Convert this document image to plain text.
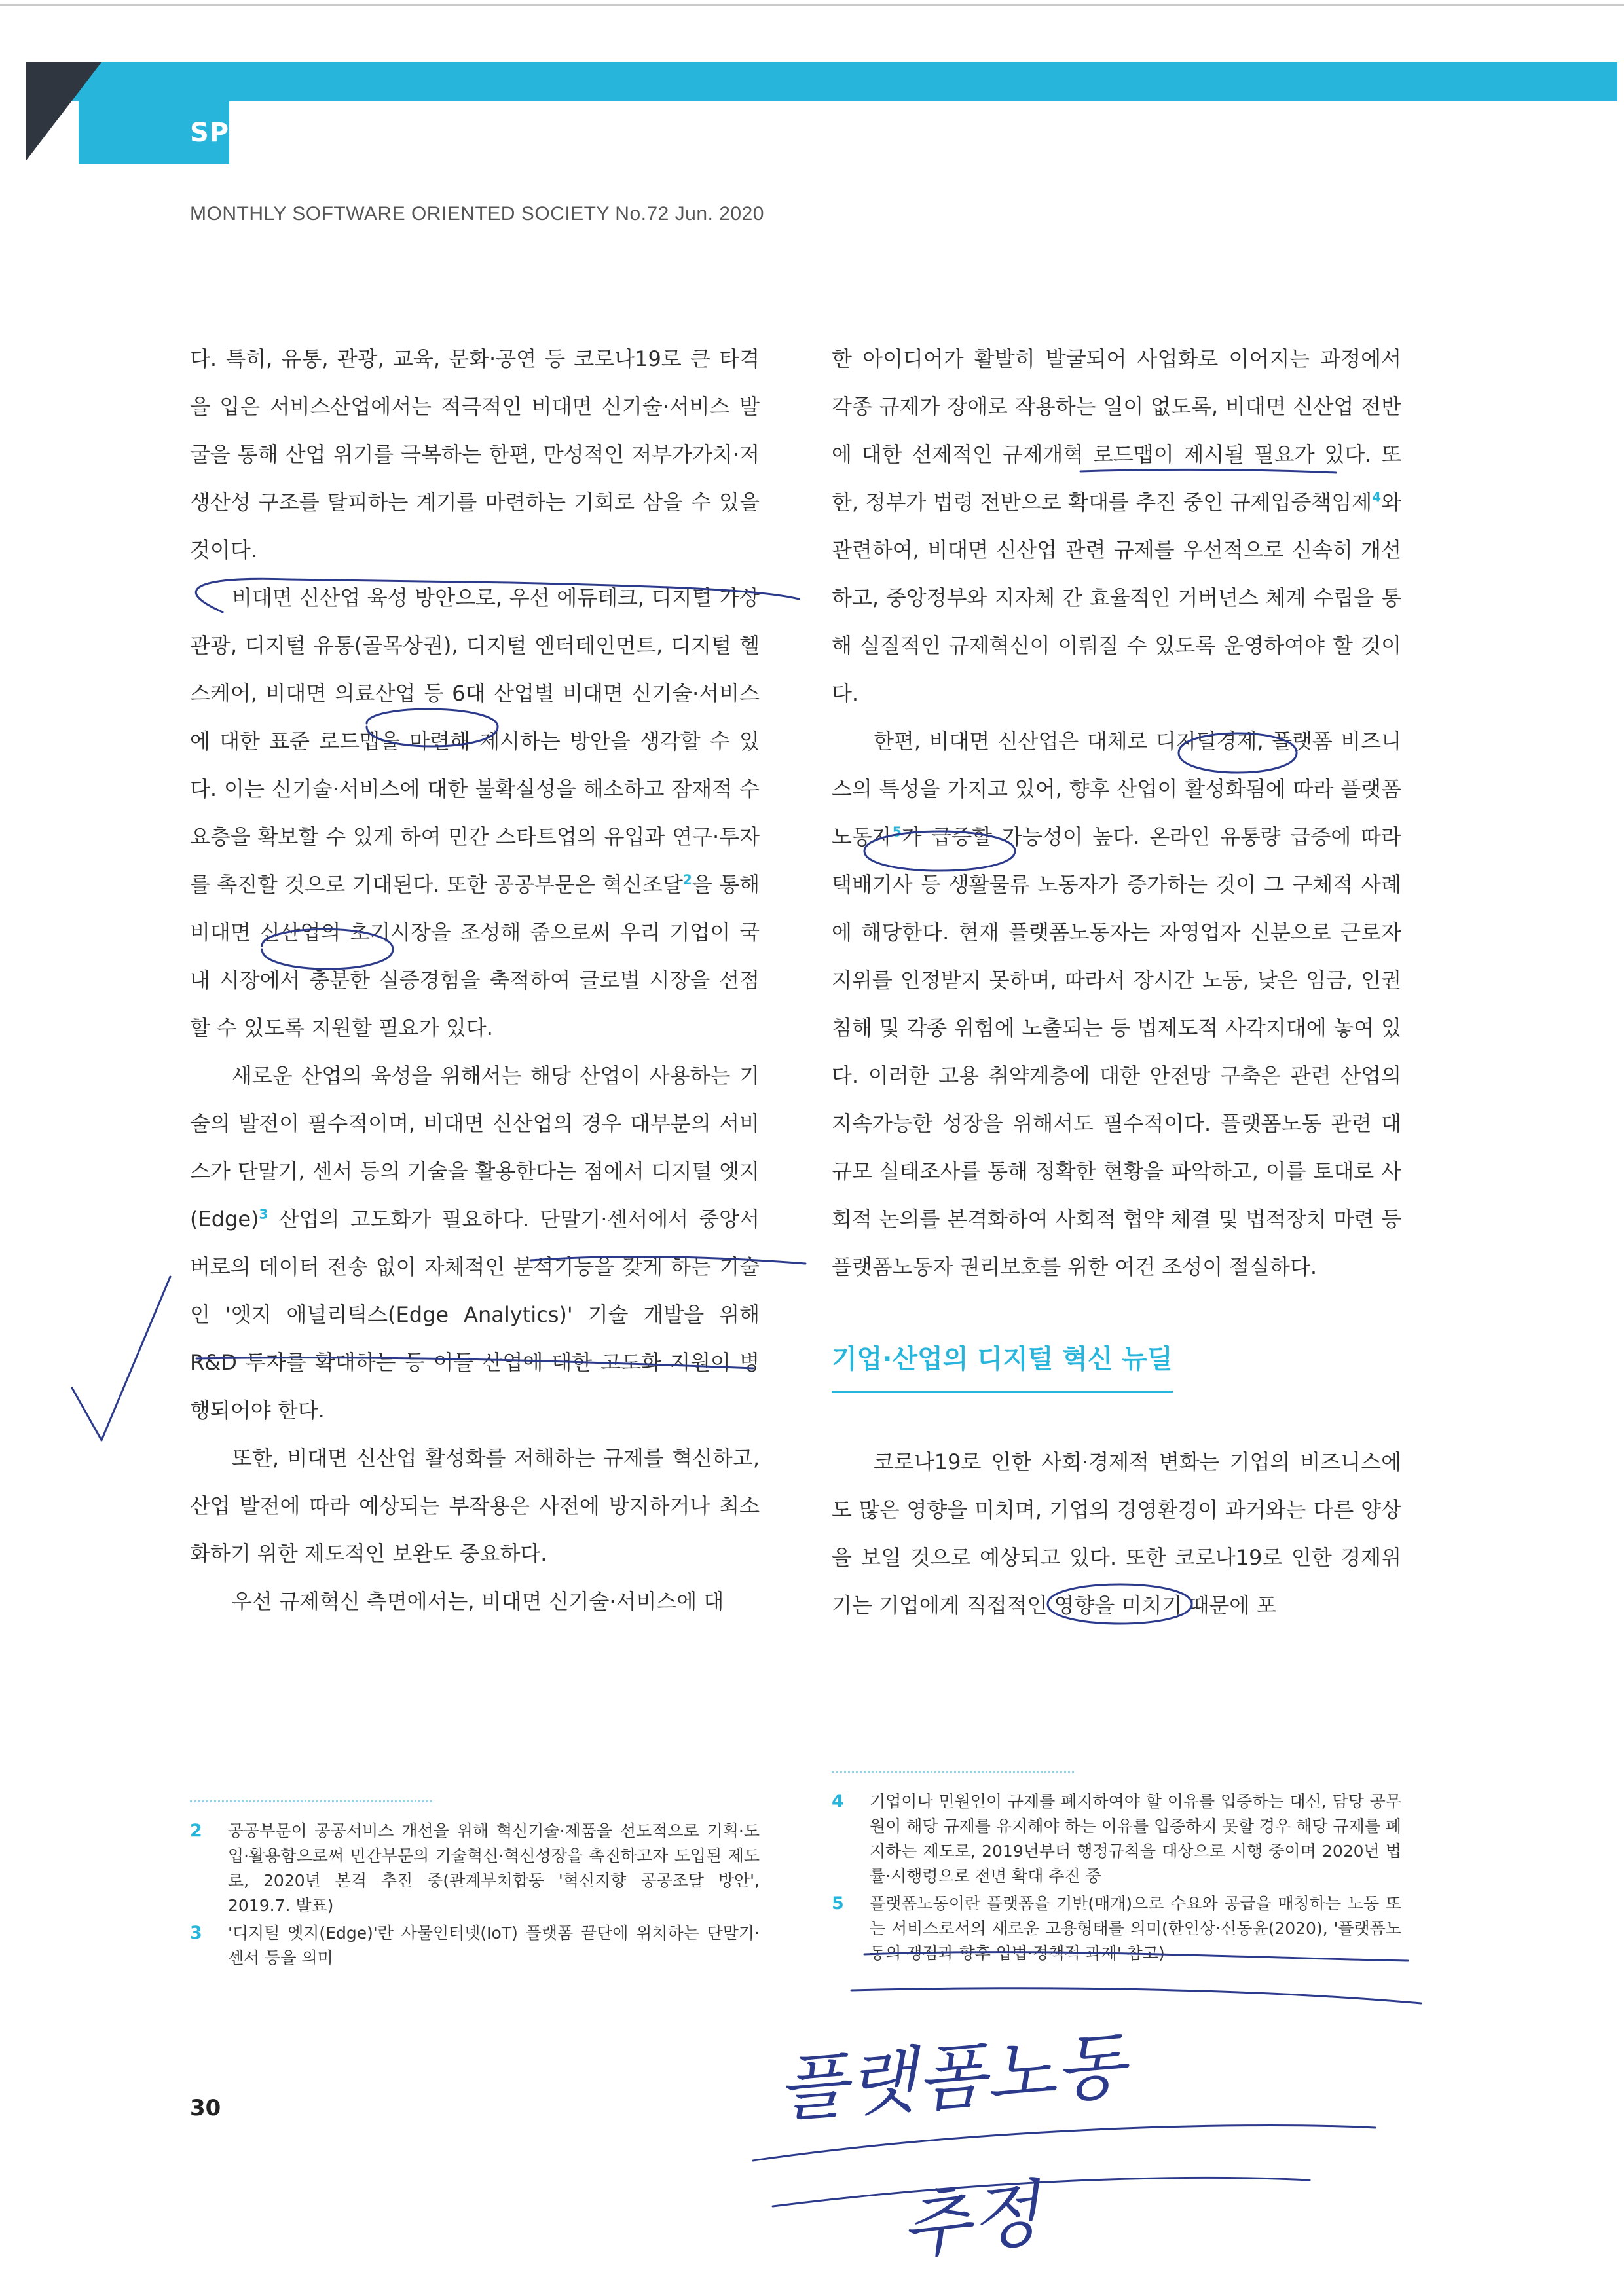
SPRI FOCUS
MONTHLY SOFTWARE ORIENTED SOCIETY No.72 Jun. 2020

다. 특히, 유통, 관광, 교육, 문화·공연 등 코로나19로 큰 타격을 입은 서비스산업에서는 적극적인 비대면 신기술·서비스 발굴을 통해 산업 위기를 극복하는 한편, 만성적인 저부가가치·저생산성 구조를 탈피하는 계기를 마련하는 기회로 삼을 수 있을 것이다.

비대면 신산업 육성 방안으로, 우선 에듀테크, 디지털 가상관광, 디지털 유통(골목상권), 디지털 엔터테인먼트, 디지털 헬스케어, 비대면 의료산업 등 6대 산업별 비대면 신기술·서비스에 대한 표준 로드맵을 마련해 제시하는 방안을 생각할 수 있다. 이는 신기술·서비스에 대한 불확실성을 해소하고 잠재적 수요층을 확보할 수 있게 하여 민간 스타트업의 유입과 연구·투자를 촉진할 것으로 기대된다. 또한 공공부문은 혁신조달$^2$을 통해 비대면 신산업의 초기시장을 조성해 줌으로써 우리 기업이 국내 시장에서 충분한 실증경험을 축적하여 글로벌 시장을 선점할 수 있도록 지원할 필요가 있다.

새로운 산업의 육성을 위해서는 해당 산업이 사용하는 기술의 발전이 필수적이며, 비대면 신산업의 경우 대부분의 서비스가 단말기, 센서 등의 기술을 활용한다는 점에서 디지털 엣지(Edge)$^3$ 산업의 고도화가 필요하다. 단말기·센서에서 중앙서버로의 데이터 전송 없이 자체적인 분석기능을 갖게 하는 기술인 '엣지 애널리틱스(Edge Analytics)' 기술 개발을 위해 R&D 투자를 확대하는 등 이들 산업에 대한 고도화 지원이 병행되어야 한다.

또한, 비대면 신산업 활성화를 저해하는 규제를 혁신하고, 산업 발전에 따라 예상되는 부작용은 사전에 방지하거나 최소화하기 위한 제도적인 보완도 중요하다.

우선 규제혁신 측면에서는, 비대면 신기술·서비스에 대

한 아이디어가 활발히 발굴되어 사업화로 이어지는 과정에서 각종 규제가 장애로 작용하는 일이 없도록, 비대면 신산업 전반에 대한 선제적인 규제개혁 로드맵이 제시될 필요가 있다. 또한, 정부가 법령 전반으로 확대를 추진 중인 규제입증책임제$^4$와 관련하여, 비대면 신산업 관련 규제를 우선적으로 신속히 개선하고, 중앙정부와 지자체 간 효율적인 거버넌스 체계 수립을 통해 실질적인 규제혁신이 이뤄질 수 있도록 운영하여야 할 것이다.

한편, 비대면 신산업은 대체로 디지털경제, 플랫폼 비즈니스의 특성을 가지고 있어, 향후 산업이 활성화됨에 따라 플랫폼노동자$^5$가 급증할 가능성이 높다. 온라인 유통량 급증에 따라 택배기사 등 생활물류 노동자가 증가하는 것이 그 구체적 사례에 해당한다. 현재 플랫폼노동자는 자영업자 신분으로 근로자 지위를 인정받지 못하며, 따라서 장시간 노동, 낮은 임금, 인권침해 및 각종 위험에 노출되는 등 법제도적 사각지대에 놓여 있다. 이러한 고용 취약계층에 대한 안전망 구축은 관련 산업의 지속가능한 성장을 위해서도 필수적이다. 플랫폼노동 관련 대규모 실태조사를 통해 정확한 현황을 파악하고, 이를 토대로 사회적 논의를 본격화하여 사회적 협약 체결 및 법적장치 마련 등 플랫폼노동자 권리보호를 위한 여건 조성이 절실하다.

기업·산업의 디지털 혁신 뉴딜

코로나19로 인한 사회·경제적 변화는 기업의 비즈니스에도 많은 영향을 미치며, 기업의 경영환경이 과거와는 다른 양상을 보일 것으로 예상되고 있다. 또한 코로나19로 인한 경제위기는 기업에게 직접적인 영향을 미치기 때문에 포

2	공공부문이 공공서비스 개선을 위해 혁신기술·제품을 선도적으로 기획·도입·활용함으로써 민간부문의 기술혁신·혁신성장을 촉진하고자 도입된 제도로, 2020년 본격 추진 중(관계부처합동 '혁신지향 공공조달 방안', 2019.7. 발표)
3	'디지털 엣지(Edge)'란 사물인터넷(IoT) 플랫폼 끝단에 위치하는 단말기·센서 등을 의미
4	기업이나 민원인이 규제를 폐지하여야 할 이유를 입증하는 대신, 담당 공무원이 해당 규제를 유지해야 하는 이유를 입증하지 못할 경우 해당 규제를 폐지하는 제도로, 2019년부터 행정규칙을 대상으로 시행 중이며 2020년 법률·시행령으로 전면 확대 추진 중
5	플랫폼노동이란 플랫폼을 기반(매개)으로 수요와 공급을 매칭하는 노동 또는 서비스로서의 새로운 고용형태를 의미(한인상·신동윤(2020), '플랫폼노동의 쟁점과 향후 입법·정책적 과제' 참고)
30	플랫폼노동
추정
